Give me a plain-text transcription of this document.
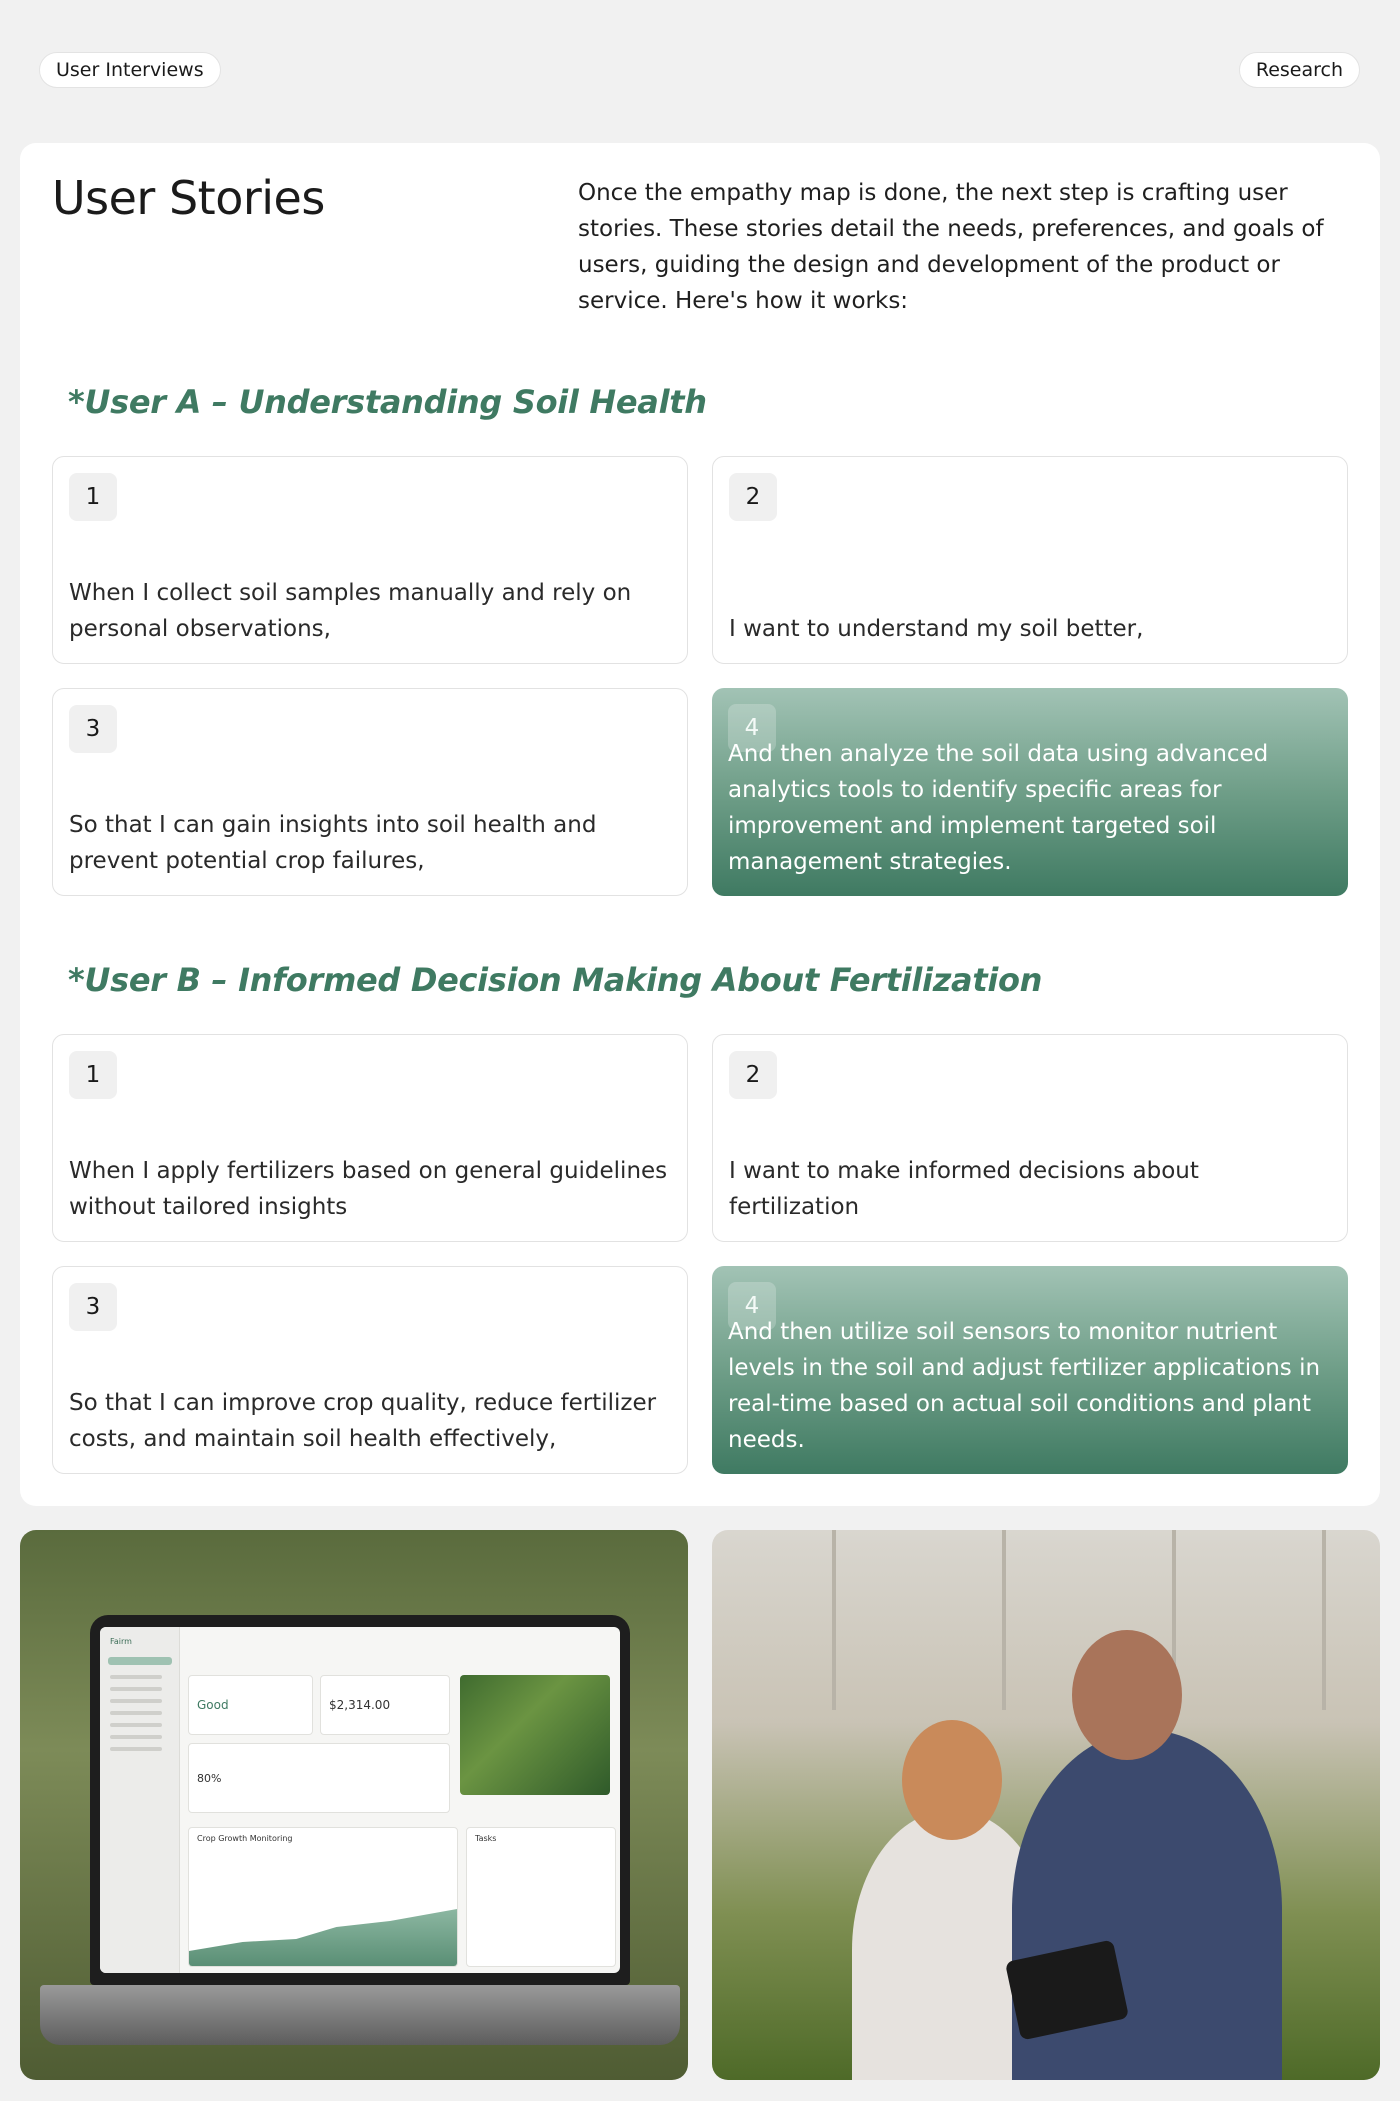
User Interviews	Research
User Stories	Once the empathy map is done, the next step is crafting user stories. These stories detail the needs, preferences, and goals of users, guiding the design and development of the product or service. Here's how it works:

*User A – Understanding Soil Health
1
When I collect soil samples manually and rely on personal observations,
2
I want to understand my soil better,
3
So that I can gain insights into soil health and prevent potential crop failures,
4
And then analyze the soil data using advanced analytics tools to identify specific areas for improvement and implement targeted soil management strategies.
*User B – Informed Decision Making About Fertilization
1
When I apply fertilizers based on general guidelines without tailored insights
2
I want to make informed decisions about fertilization
3
So that I can improve crop quality, reduce fertilizer costs, and maintain soil health effectively,
4
And then utilize soil sensors to monitor nutrient levels in the soil and adjust fertilizer applications in real-time based on actual soil conditions and plant needs.
Fairm
Good	$2,314.00
80%
Crop Growth Monitoring	Tasks
